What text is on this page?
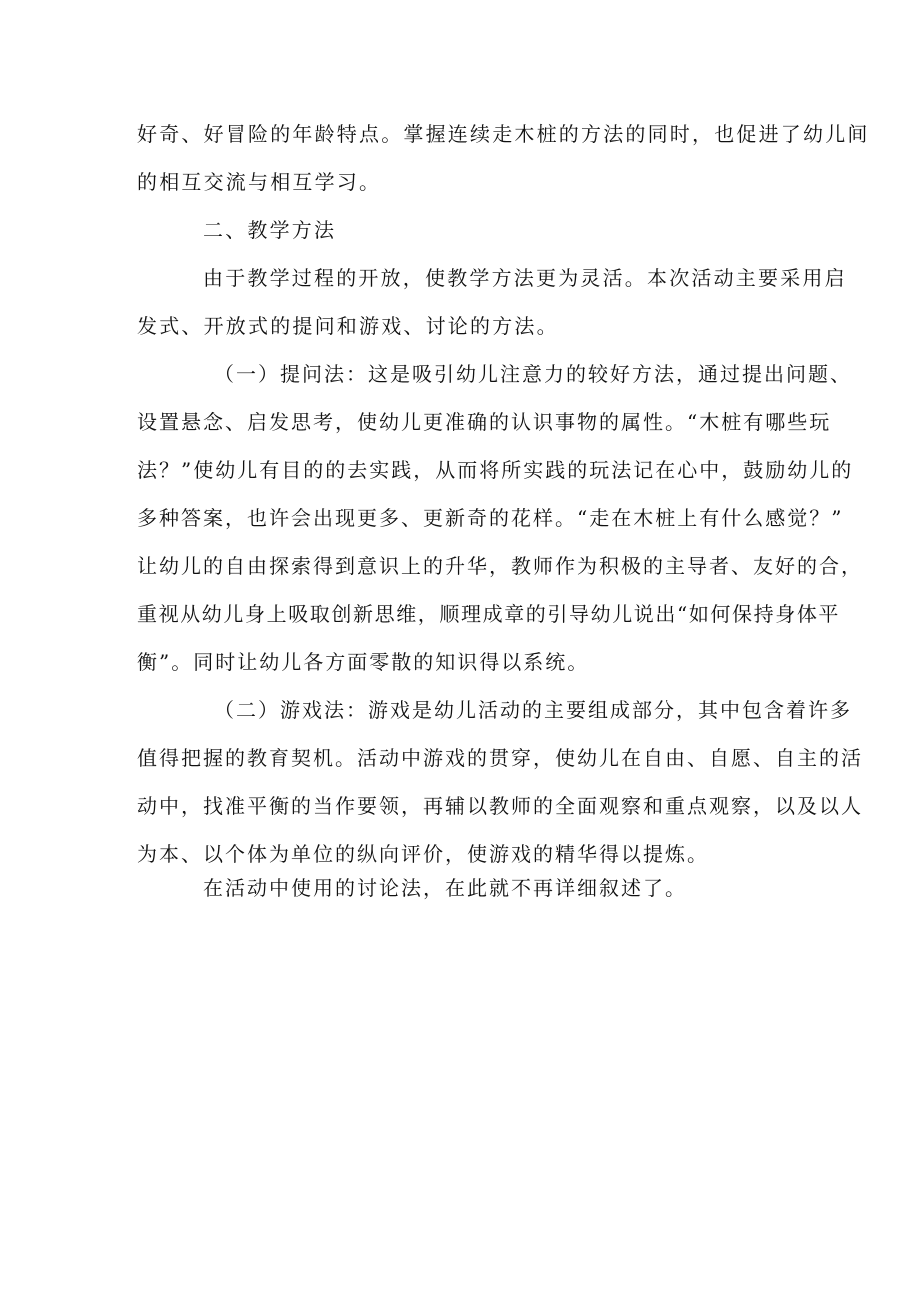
好奇、好冒险的年龄特点。掌握连续走木桩的方法的同时，也促进了幼儿间
的相互交流与相互学习。
二、教学方法
由于教学过程的开放，使教学方法更为灵活。本次活动主要采用启
发式、开放式的提问和游戏、讨论的方法。
（一）提问法：这是吸引幼儿注意力的较好方法，通过提出问题、
设置悬念、启发思考，使幼儿更准确的认识事物的属性。“木桩有哪些玩
法？”使幼儿有目的的去实践，从而将所实践的玩法记在心中，鼓励幼儿的
多种答案，也许会出现更多、更新奇的花样。“走在木桩上有什么感觉？”
让幼儿的自由探索得到意识上的升华，教师作为积极的主导者、友好的合，
重视从幼儿身上吸取创新思维，顺理成章的引导幼儿说出“如何保持身体平
衡”。同时让幼儿各方面零散的知识得以系统。
（二）游戏法：游戏是幼儿活动的主要组成部分，其中包含着许多
值得把握的教育契机。活动中游戏的贯穿，使幼儿在自由、自愿、自主的活
动中，找准平衡的当作要领，再辅以教师的全面观察和重点观察，以及以人
为本、以个体为单位的纵向评价，使游戏的精华得以提炼。
在活动中使用的讨论法，在此就不再详细叙述了。
